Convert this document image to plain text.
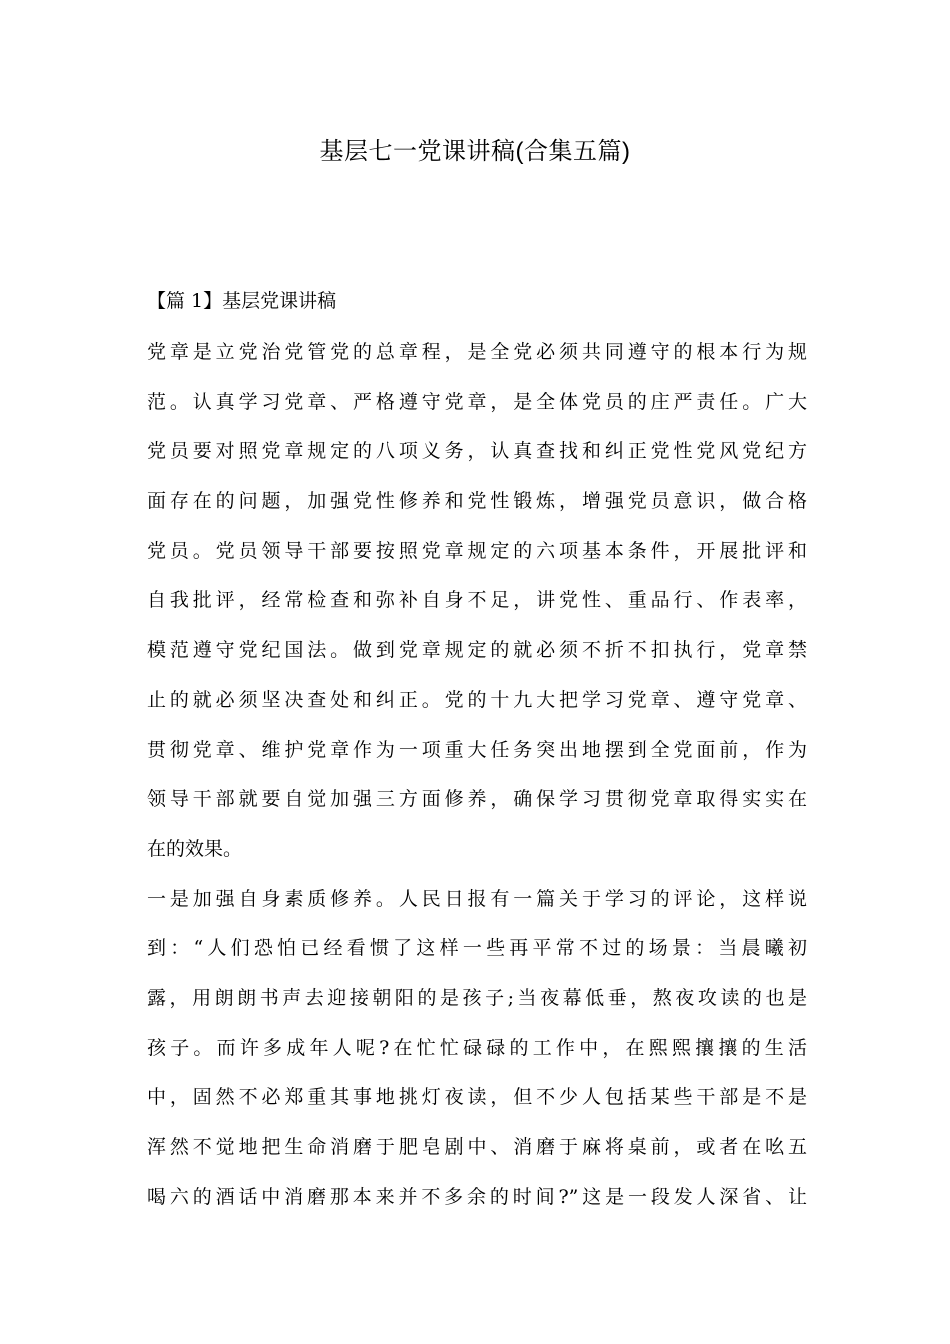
基层七一党课讲稿(合集五篇)
【篇 1】基层党课讲稿
党章是立党治党管党的总章程，是全党必须共同遵守的根本行为规
范。认真学习党章、严格遵守党章，是全体党员的庄严责任。广大
党员要对照党章规定的八项义务，认真查找和纠正党性党风党纪方
面存在的问题，加强党性修养和党性锻炼，增强党员意识，做合格
党员。党员领导干部要按照党章规定的六项基本条件，开展批评和
自我批评，经常检查和弥补自身不足，讲党性、重品行、作表率，
模范遵守党纪国法。做到党章规定的就必须不折不扣执行，党章禁
止的就必须坚决查处和纠正。党的十九大把学习党章、遵守党章、
贯彻党章、维护党章作为一项重大任务突出地摆到全党面前，作为
领导干部就要自觉加强三方面修养，确保学习贯彻党章取得实实在
在的效果。
一是加强自身素质修养。人民日报有一篇关于学习的评论，这样说
到：“人们恐怕已经看惯了这样一些再平常不过的场景：当晨曦初
露，用朗朗书声去迎接朝阳的是孩子;当夜幕低垂，熬夜攻读的也是
孩子。而许多成年人呢?在忙忙碌碌的工作中，在熙熙攘攘的生活
中，固然不必郑重其事地挑灯夜读，但不少人包括某些干部是不是
浑然不觉地把生命消磨于肥皂剧中、消磨于麻将桌前，或者在吆五
喝六的酒话中消磨那本来并不多余的时间?”这是一段发人深省、让
